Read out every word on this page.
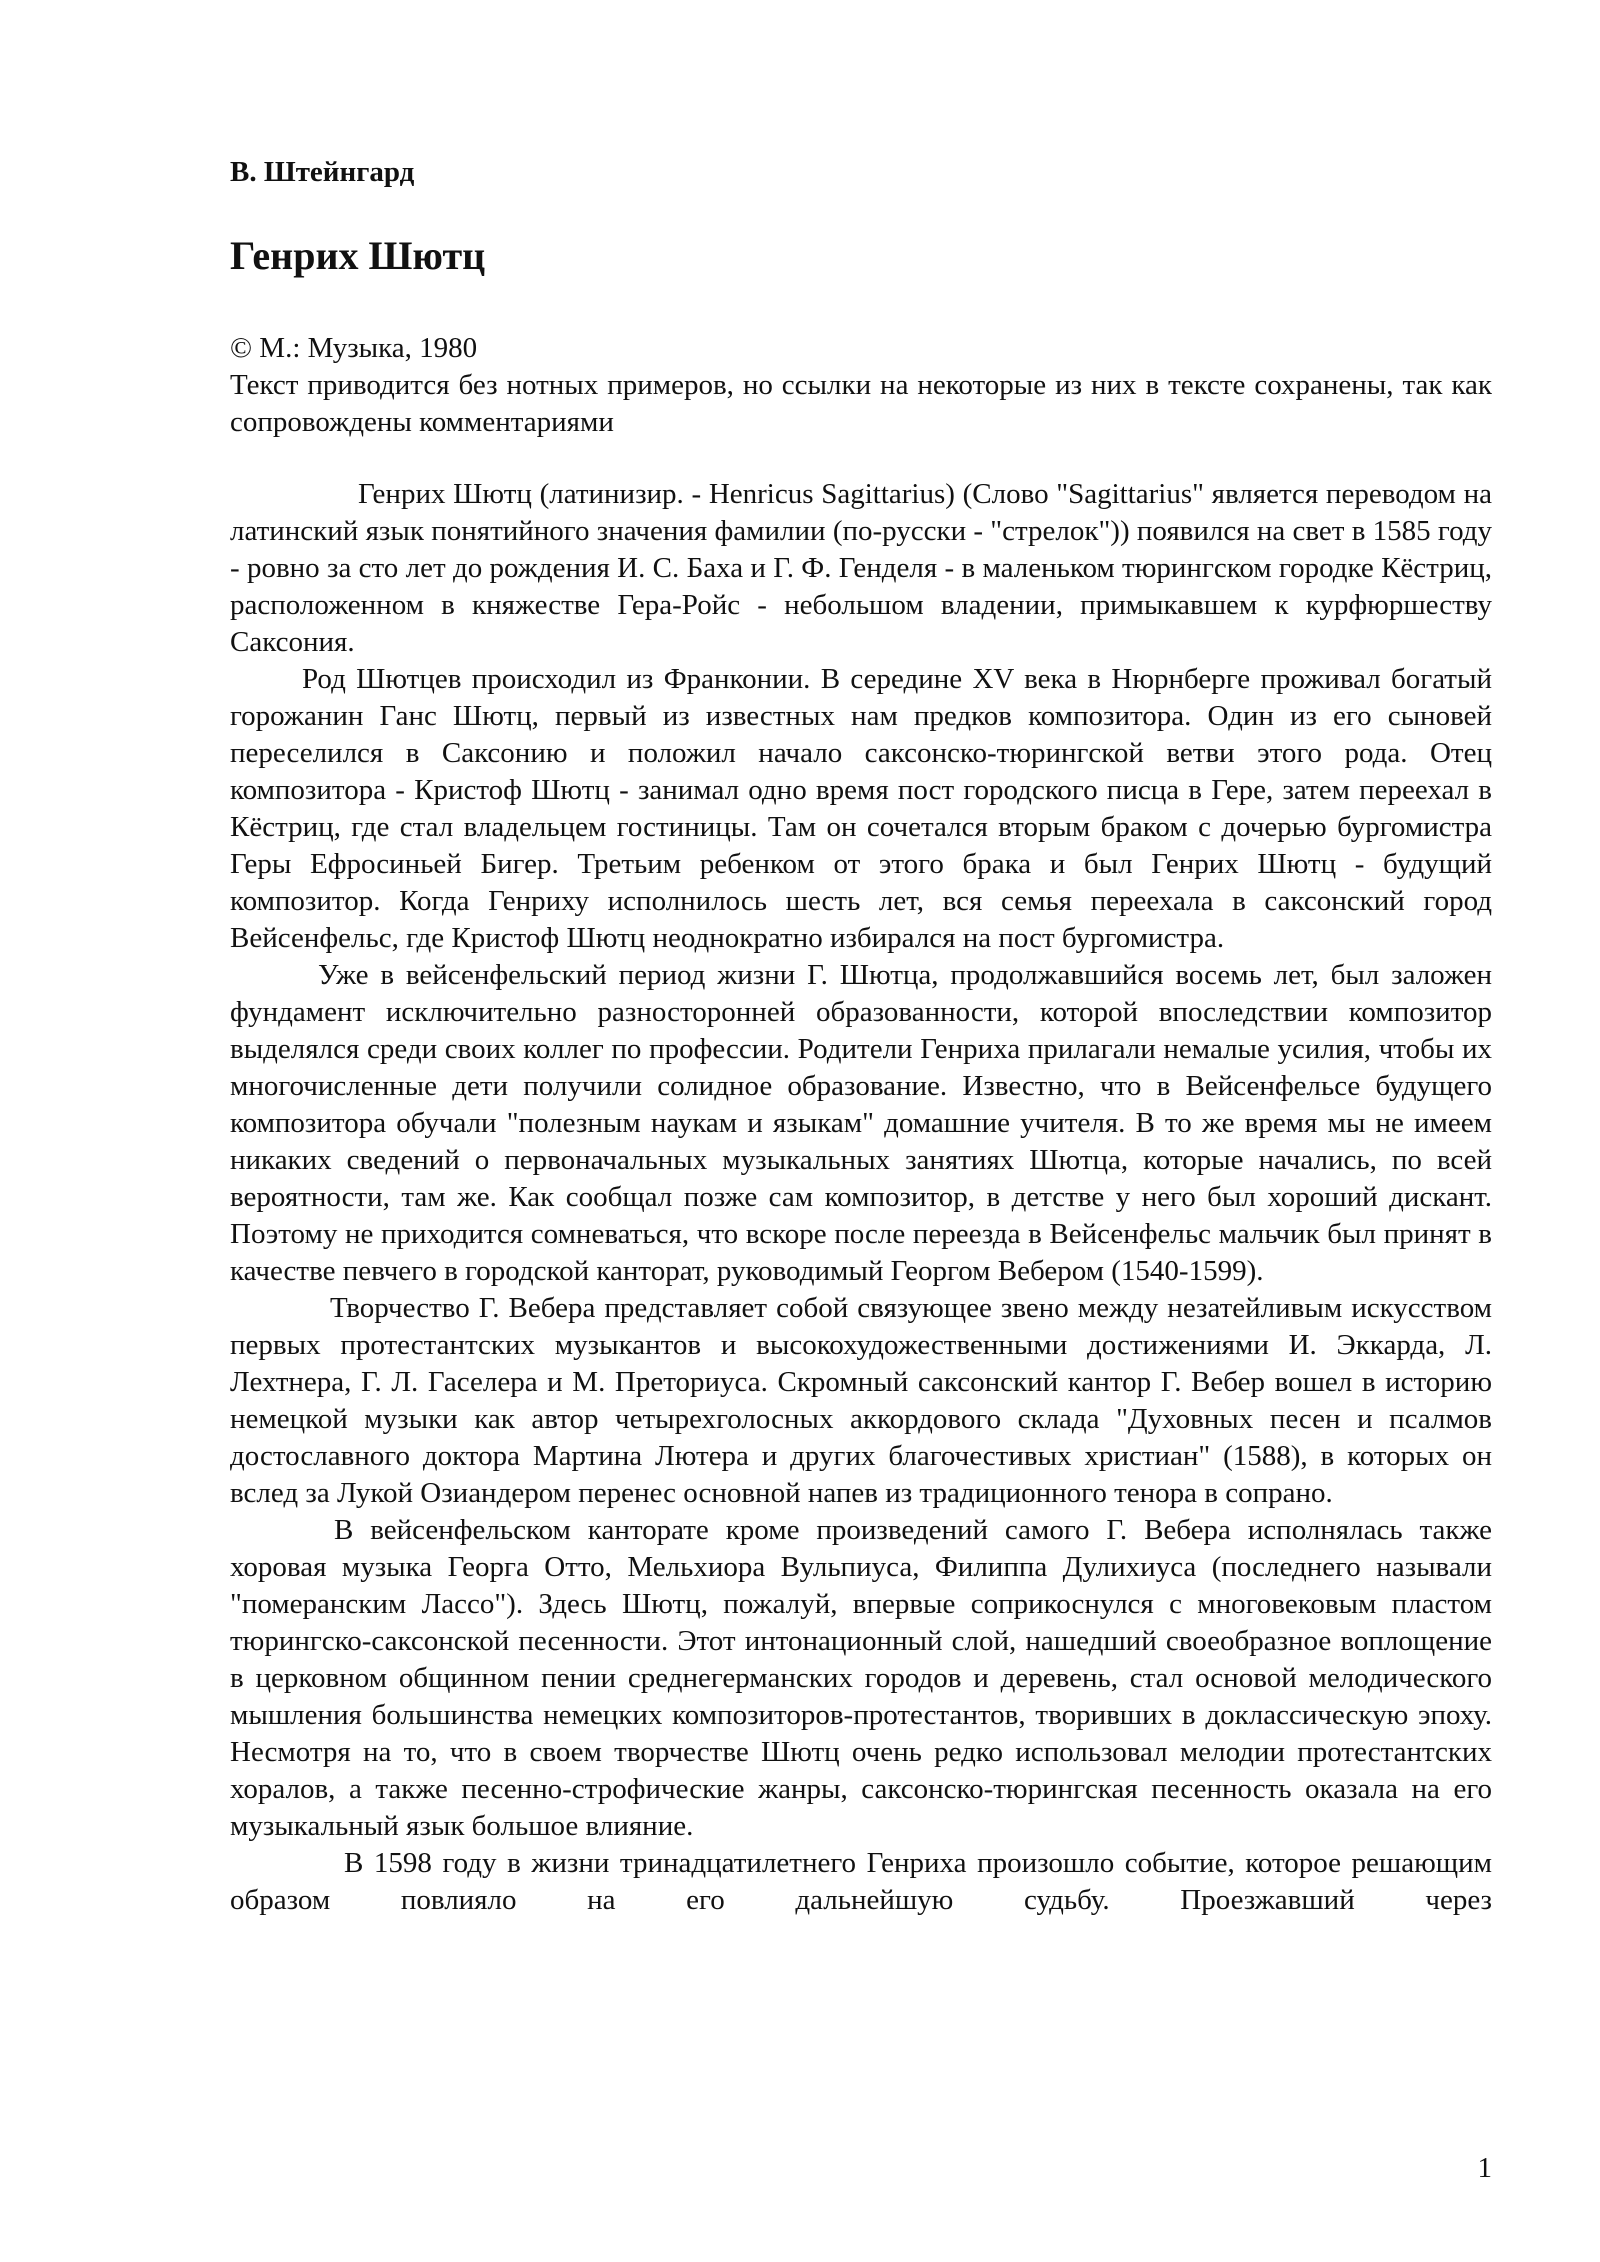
В. Штейнгард
Генрих Шютц

© М.: Музыка, 1980

Текст приводится без нотных примеров, но ссылки на некоторые из них в тексте сохранены, так как сопровождены комментариями

Генрих Шютц (латинизир. - Henricus Sagittarius) (Слово "Sagittarius" является переводом на латинский язык понятийного значения фамилии (по-русски - "стрелок")) появился на свет в 1585 году - ровно за сто лет до рождения И. С. Баха и Г. Ф. Генделя - в маленьком тюрингском городке Кёстриц, расположенном в княжестве Гера-Ройс - небольшом владении, примыкавшем к курфюршеству Саксония.

Род Шютцев происходил из Франконии. В середине XV века в Нюрнберге проживал богатый горожанин Ганс Шютц, первый из известных нам предков композитора. Один из его сыновей переселился в Саксонию и положил начало саксонско-тюрингской ветви этого рода. Отец композитора - Кристоф Шютц - занимал одно время пост городского писца в Гере, затем переехал в Кёстриц, где стал владельцем гостиницы. Там он сочетался вторым браком с дочерью бургомистра Геры Ефросиньей Бигер. Третьим ребенком от этого брака и был Генрих Шютц - будущий композитор. Когда Генриху исполнилось шесть лет, вся семья переехала в саксонский город Вейсенфельс, где Кристоф Шютц неоднократно избирался на пост бургомистра.

Уже в вейсенфельский период жизни Г. Шютца, продолжавшийся восемь лет, был заложен фундамент исключительно разносторонней образованности, которой впоследствии композитор выделялся среди своих коллег по профессии. Родители Генриха прилагали немалые усилия, чтобы их многочисленные дети получили солидное образование. Известно, что в Вейсенфельсе будущего композитора обучали "полезным наукам и языкам" домашние учителя. В то же время мы не имеем никаких сведений о первоначальных музыкальных занятиях Шютца, которые начались, по всей вероятности, там же. Как сообщал позже сам композитор, в детстве у него был хороший дискант. Поэтому не приходится сомневаться, что вскоре после переезда в Вейсенфельс мальчик был принят в качестве певчего в городской канторат, руководимый Георгом Вебером (1540-1599).

Творчество Г. Вебера представляет собой связующее звено между незатейливым искусством первых протестантских музыкантов и высокохудожественными достижениями И. Эккарда, Л. Лехтнера, Г. Л. Гаселера и М. Преториуса. Скромный саксонский кантор Г. Вебер вошел в историю немецкой музыки как автор четырехголосных аккордового склада "Духовных песен и псалмов достославного доктора Мартина Лютера и других благочестивых христиан" (1588), в которых он вслед за Лукой Озиандером перенес основной напев из традиционного тенора в сопрано.

В вейсенфельском канторате кроме произведений самого Г. Вебера исполнялась также хоровая музыка Георга Отто, Мельхиора Вульпиуса, Филиппа Дулихиуса (последнего называли "померанским Лассо"). Здесь Шютц, пожалуй, впервые соприкоснулся с многовековым пластом тюрингско-саксонской песенности. Этот интонационный слой, нашедший своеобразное воплощение в церковном общинном пении среднегерманских городов и деревень, стал основой мелодического мышления большинства немецких композиторов-протестантов, творивших в доклассическую эпоху. Несмотря на то, что в своем творчестве Шютц очень редко использовал мелодии протестантских хоралов, а также песенно-строфические жанры, саксонско-тюрингская песенность оказала на его музыкальный язык большое влияние.

В 1598 году в жизни тринадцатилетнего Генриха произошло событие, которое решающим образом повлияло на его дальнейшую судьбу. Проезжавший через

1
